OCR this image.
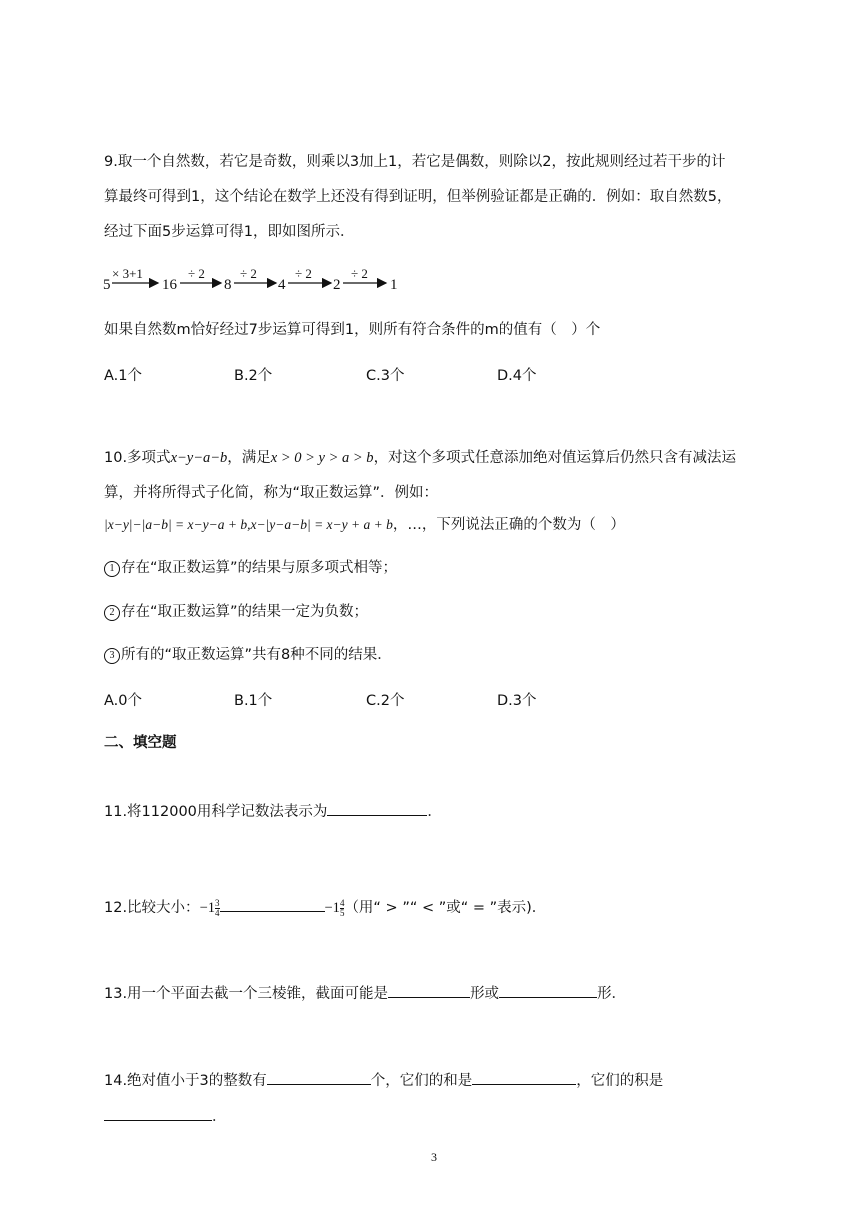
9.取一个自然数，若它是奇数，则乘以3加上1，若它是偶数，则除以2，按此规则经过若干步的计
算最终可得到1，这个结论在数学上还没有得到证明，但举例验证都是正确的．例如：取自然数5，
经过下面5步运算可得1，即如图所示．
5
× 3+1
16
÷ 2
8
÷ 2
4
÷ 2
2
÷ 2
1
如果自然数m恰好经过7步运算可得到1，则所有符合条件的m的值有（　）个
A.1个	B.2个	C.3个	D.4个
10.多项式x−y−a−b，满足x > 0 > y > a > b，对这个多项式任意添加绝对值运算后仍然只含有减法运
算，并将所得式子化简，称为“取正数运算”．例如：
|x−y|−|a−b| = x−y−a + b,x−|y−a−b| = x−y + a + b，…，下列说法正确的个数为（　）
1 存在“取正数运算”的结果与原多项式相等；
2 存在“取正数运算”的结果一定为负数；
3 所有的“取正数运算”共有8种不同的结果．
A.0个	B.1个	C.2个	D.3个
二、填空题
11.将112000用科学记数法表示为	．
12.比较大小：$-1 \frac{3}{4}$	$-1 \frac{4}{5}$ （用“ > ”“ < ”或“ = ”表示)．
13.用一个平面去截一个三棱锥，截面可能是	形或	形．
14.绝对值小于3的整数有	个，它们的和是	，它们的积是
．
3
